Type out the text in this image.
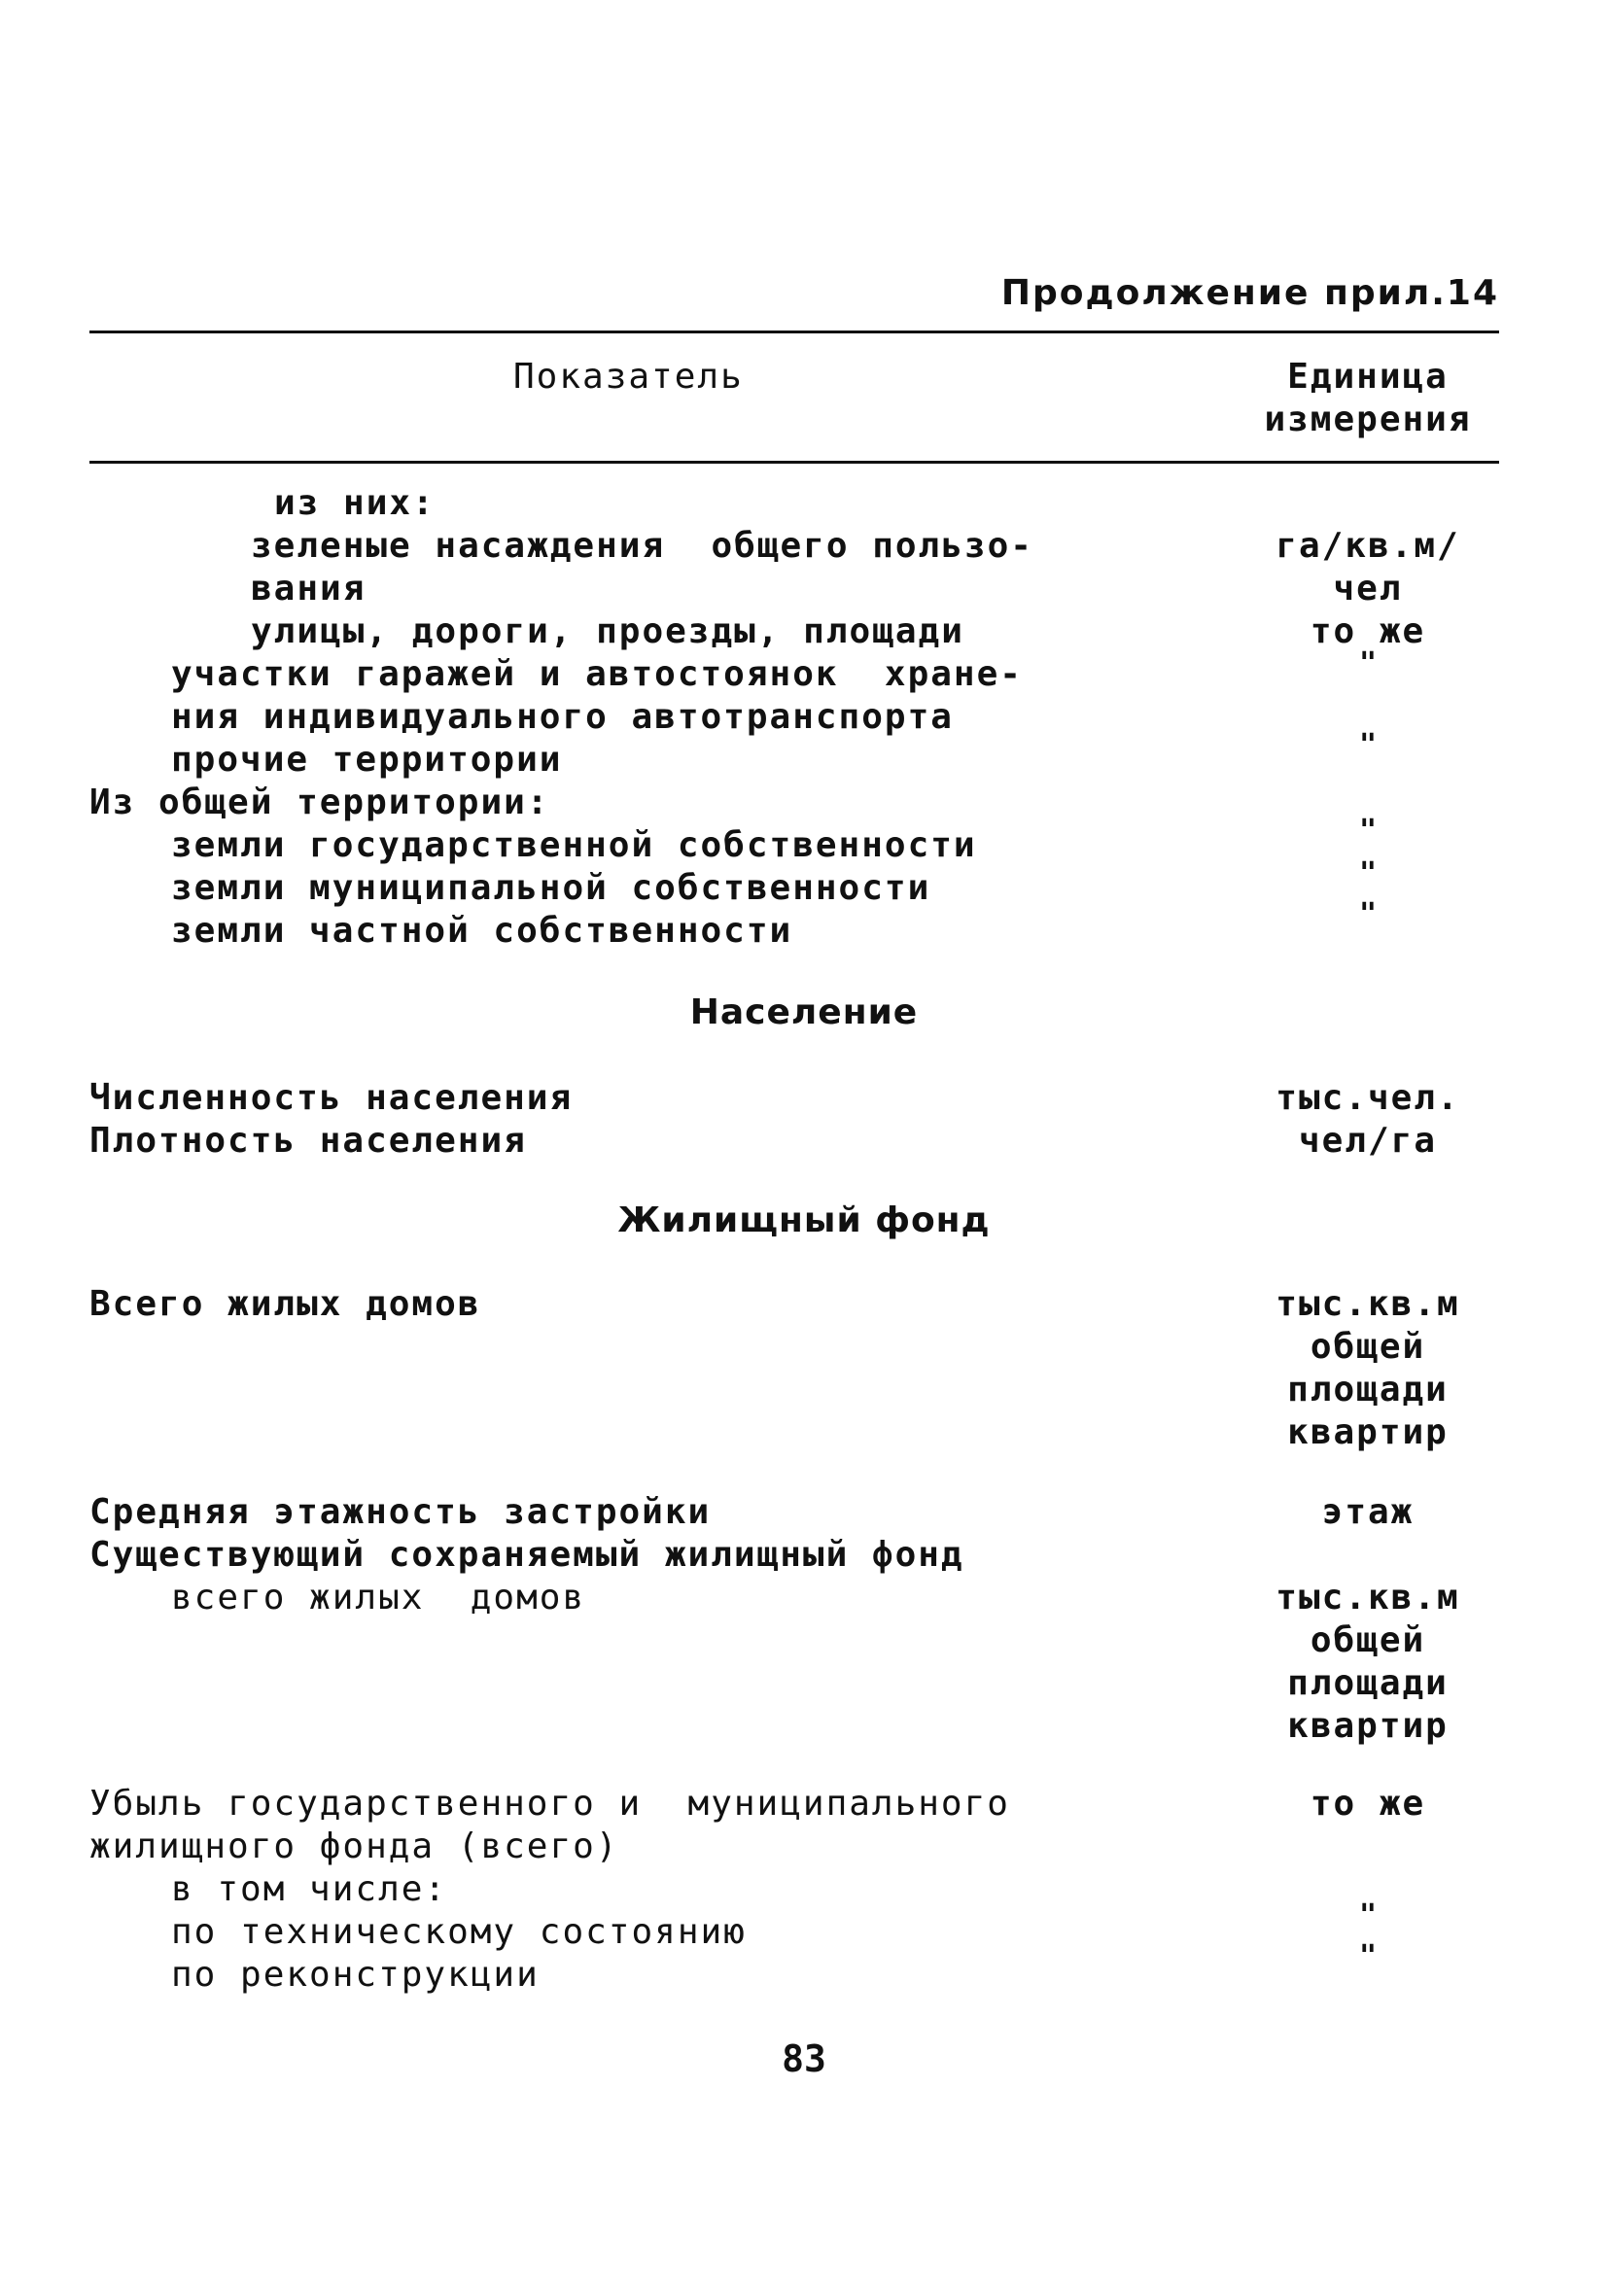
Продолжение прил.14
Показатель	Единица
измерения
из них:
зеленые насаждения  общего пользо-	га/кв.м/
вания	чел
улицы, дороги, проезды, площади	то же
участки гаражей и автостоянок  хране-	"
ния индивидуального автотранспорта
прочие территории	"
Из общей территории:
земли государственной собственности	"
земли муниципальной собственности	"
земли частной собственности	"
Население
Численность населения	тыс.чел.
Плотность населения	чел/га
Жилищный фонд
Всего жилых домов	тыс.кв.м
общей
площади
квартир
Средняя этажность застройки	этаж
Существующий сохраняемый жилищный фонд
всего жилых  домов	тыс.кв.м
общей
площади
квартир
Убыль государственного и  муниципального	то же
жилищного фонда (всего)
в том числе:
по техническому состоянию	"
по реконструкции	"
83
